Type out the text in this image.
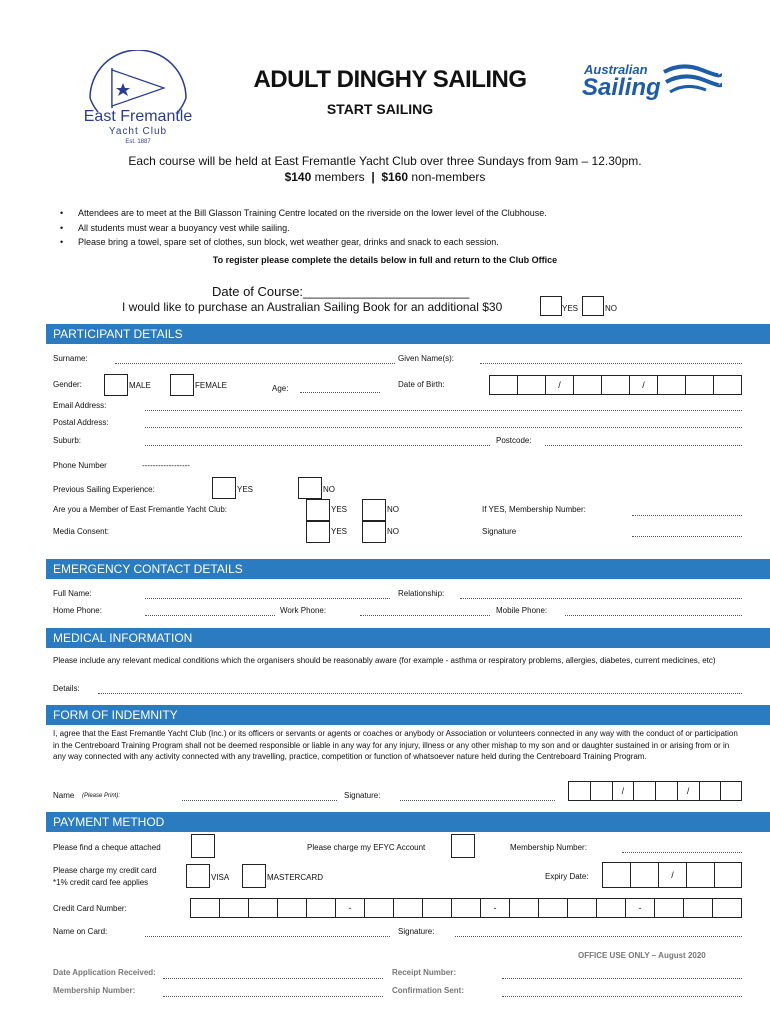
East Fremantle
Yacht Club
Est. 1887
ADULT DINGHY SAILING
START SAILING
Australian
Sailing
Each course will be held at East Fremantle Yacht Club over three Sundays from 9am – 12.30pm.
$140 members | $160 non-members
• Attendees are to meet at the Bill Glasson Training Centre located on the riverside on the lower level of the Clubhouse.
• All students must wear a buoyancy vest while sailing.
• Please bring a towel, spare set of clothes, sun block, wet weather gear, drinks and snack to each session.
To register please complete the details below in full and return to the Club Office
Date of Course:_______________________
I would like to purchase an Australian Sailing Book for an additional $30	YES	NO
PARTICIPANT DETAILS
Surname:	Given Name(s):
Gender:	MALE	FEMALE	Age:	Date of Birth:	/	/
Email Address:
Postal Address:
Suburb:	Postcode:
Phone Number	------------------
Previous Sailing Experience:	YES	NO
Are you a Member of East Fremantle Yacht Club:	YES	NO	If YES, Membership Number:
Media Consent:	YES	NO	Signature
EMERGENCY CONTACT DETAILS
Full Name:	Relationship:
Home Phone:	Work Phone:	Mobile Phone:
MEDICAL INFORMATION
Please include any relevant medical conditions which the organisers should be reasonably aware (for example - asthma or respiratory problems, allergies, diabetes, current medicines, etc)
Details:
FORM OF INDEMNITY
I, agree that the East Fremantle Yacht Club (Inc.) or its officers or servants or agents or coaches or anybody or Association or volunteers connected in any way with the conduct of or participation in the Centreboard Training Program shall not be deemed responsible or liable in any way for any injury, illness or any other mishap to my son and or daughter sustained in or arising from or in any way connected with any activity connected with any travelling, practice, competition or function of whatsoever nature held during the Centreboard Training Program.
Name (Please Print):	Signature:	/	/
PAYMENT METHOD
Please find a cheque attached	Please charge my EFYC Account	Membership Number:
Please charge my credit card
*1% credit card fee applies
VISA	MASTERCARD	Expiry Date:	/
Credit Card Number:	-	-	-
Name on Card:	Signature:
OFFICE USE ONLY – August 2020
Date Application Received:	Receipt Number:
Membership Number:	Confirmation Sent:
